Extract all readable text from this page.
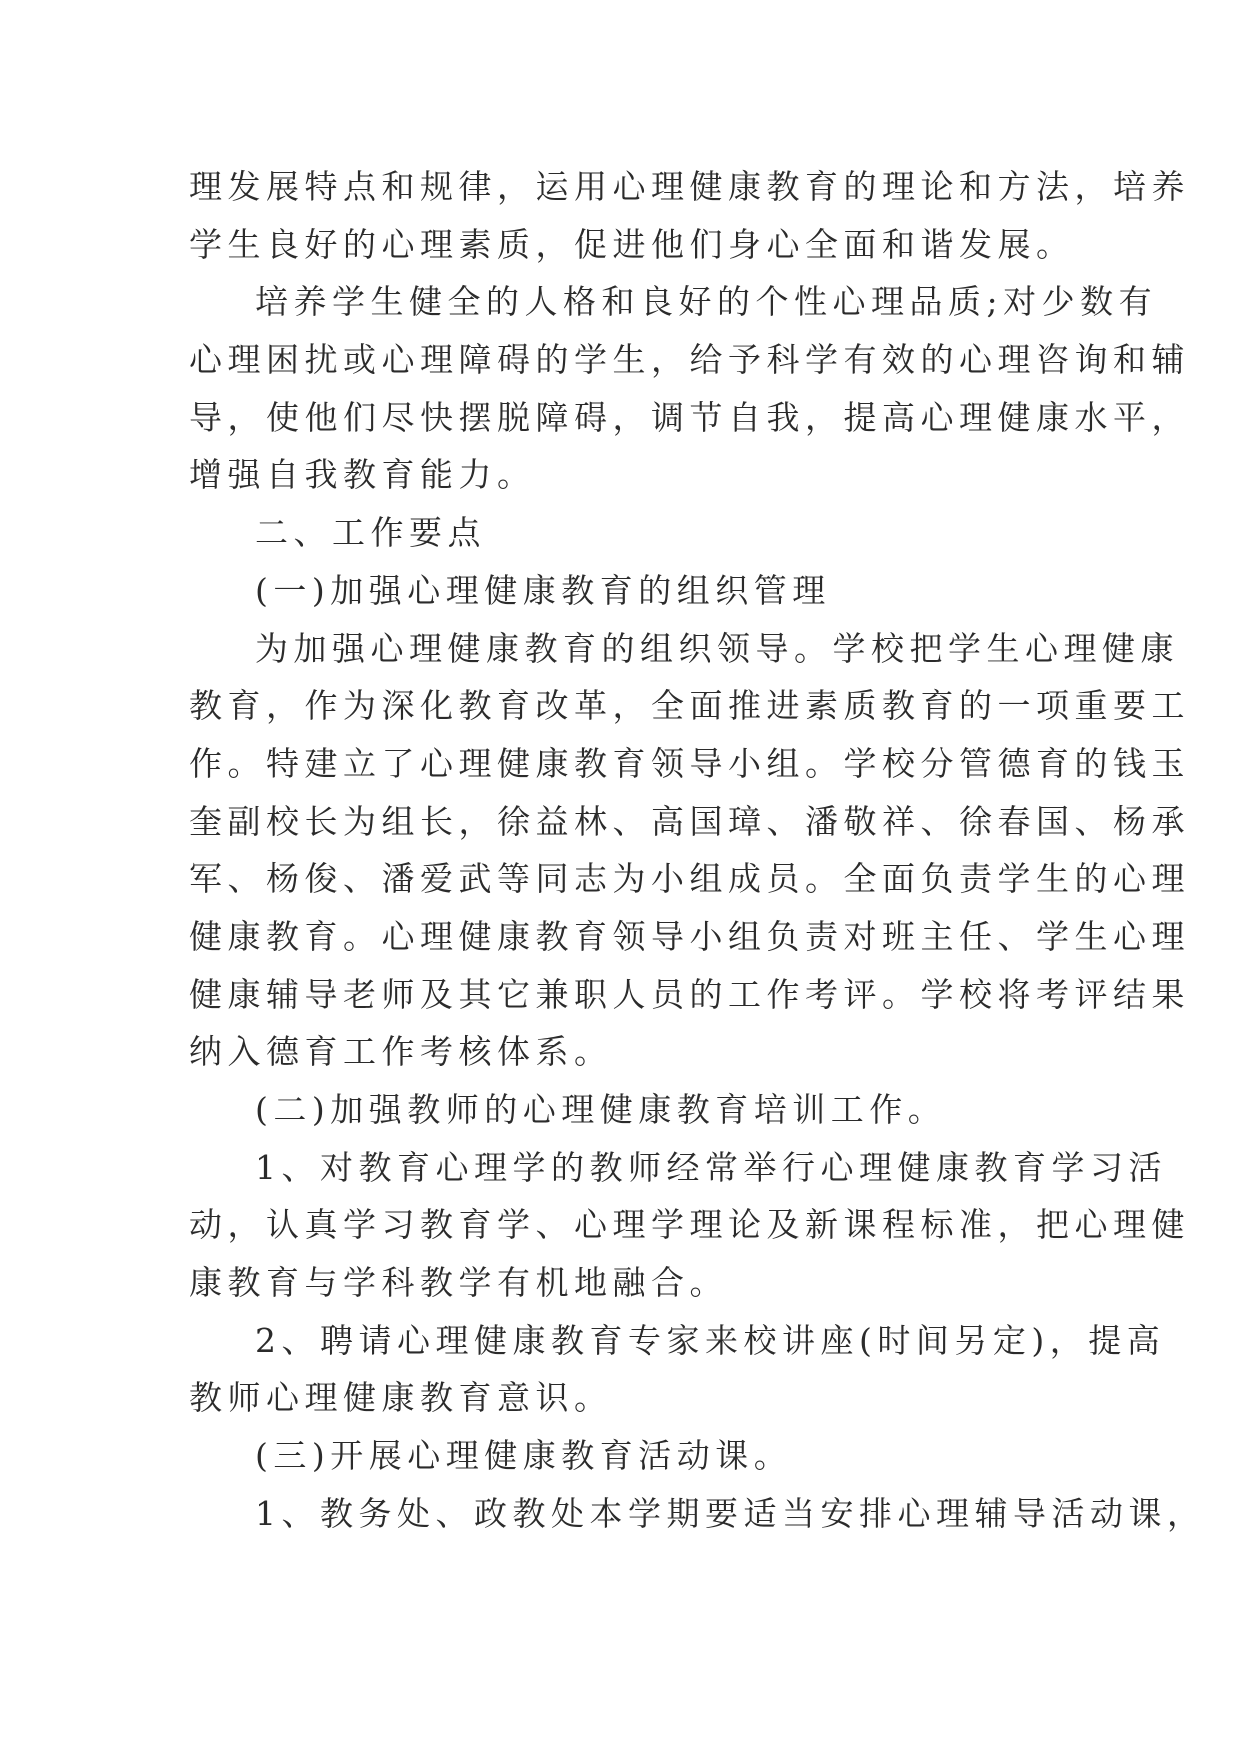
理发展特点和规律，运用心理健康教育的理论和方法，培养
学生良好的心理素质，促进他们身心全面和谐发展。
培养学生健全的人格和良好的个性心理品质;对少数有
心理困扰或心理障碍的学生，给予科学有效的心理咨询和辅
导，使他们尽快摆脱障碍，调节自我，提高心理健康水平，
增强自我教育能力。
二、工作要点
(一)加强心理健康教育的组织管理
为加强心理健康教育的组织领导。学校把学生心理健康
教育，作为深化教育改革，全面推进素质教育的一项重要工
作。特建立了心理健康教育领导小组。学校分管德育的钱玉
奎副校长为组长，徐益林、高国璋、潘敬祥、徐春国、杨承
军、杨俊、潘爱武等同志为小组成员。全面负责学生的心理
健康教育。心理健康教育领导小组负责对班主任、学生心理
健康辅导老师及其它兼职人员的工作考评。学校将考评结果
纳入德育工作考核体系。
(二)加强教师的心理健康教育培训工作。
1、对教育心理学的教师经常举行心理健康教育学习活
动，认真学习教育学、心理学理论及新课程标准，把心理健
康教育与学科教学有机地融合。
2、聘请心理健康教育专家来校讲座(时间另定)，提高
教师心理健康教育意识。
(三)开展心理健康教育活动课。
1、教务处、政教处本学期要适当安排心理辅导活动课，
